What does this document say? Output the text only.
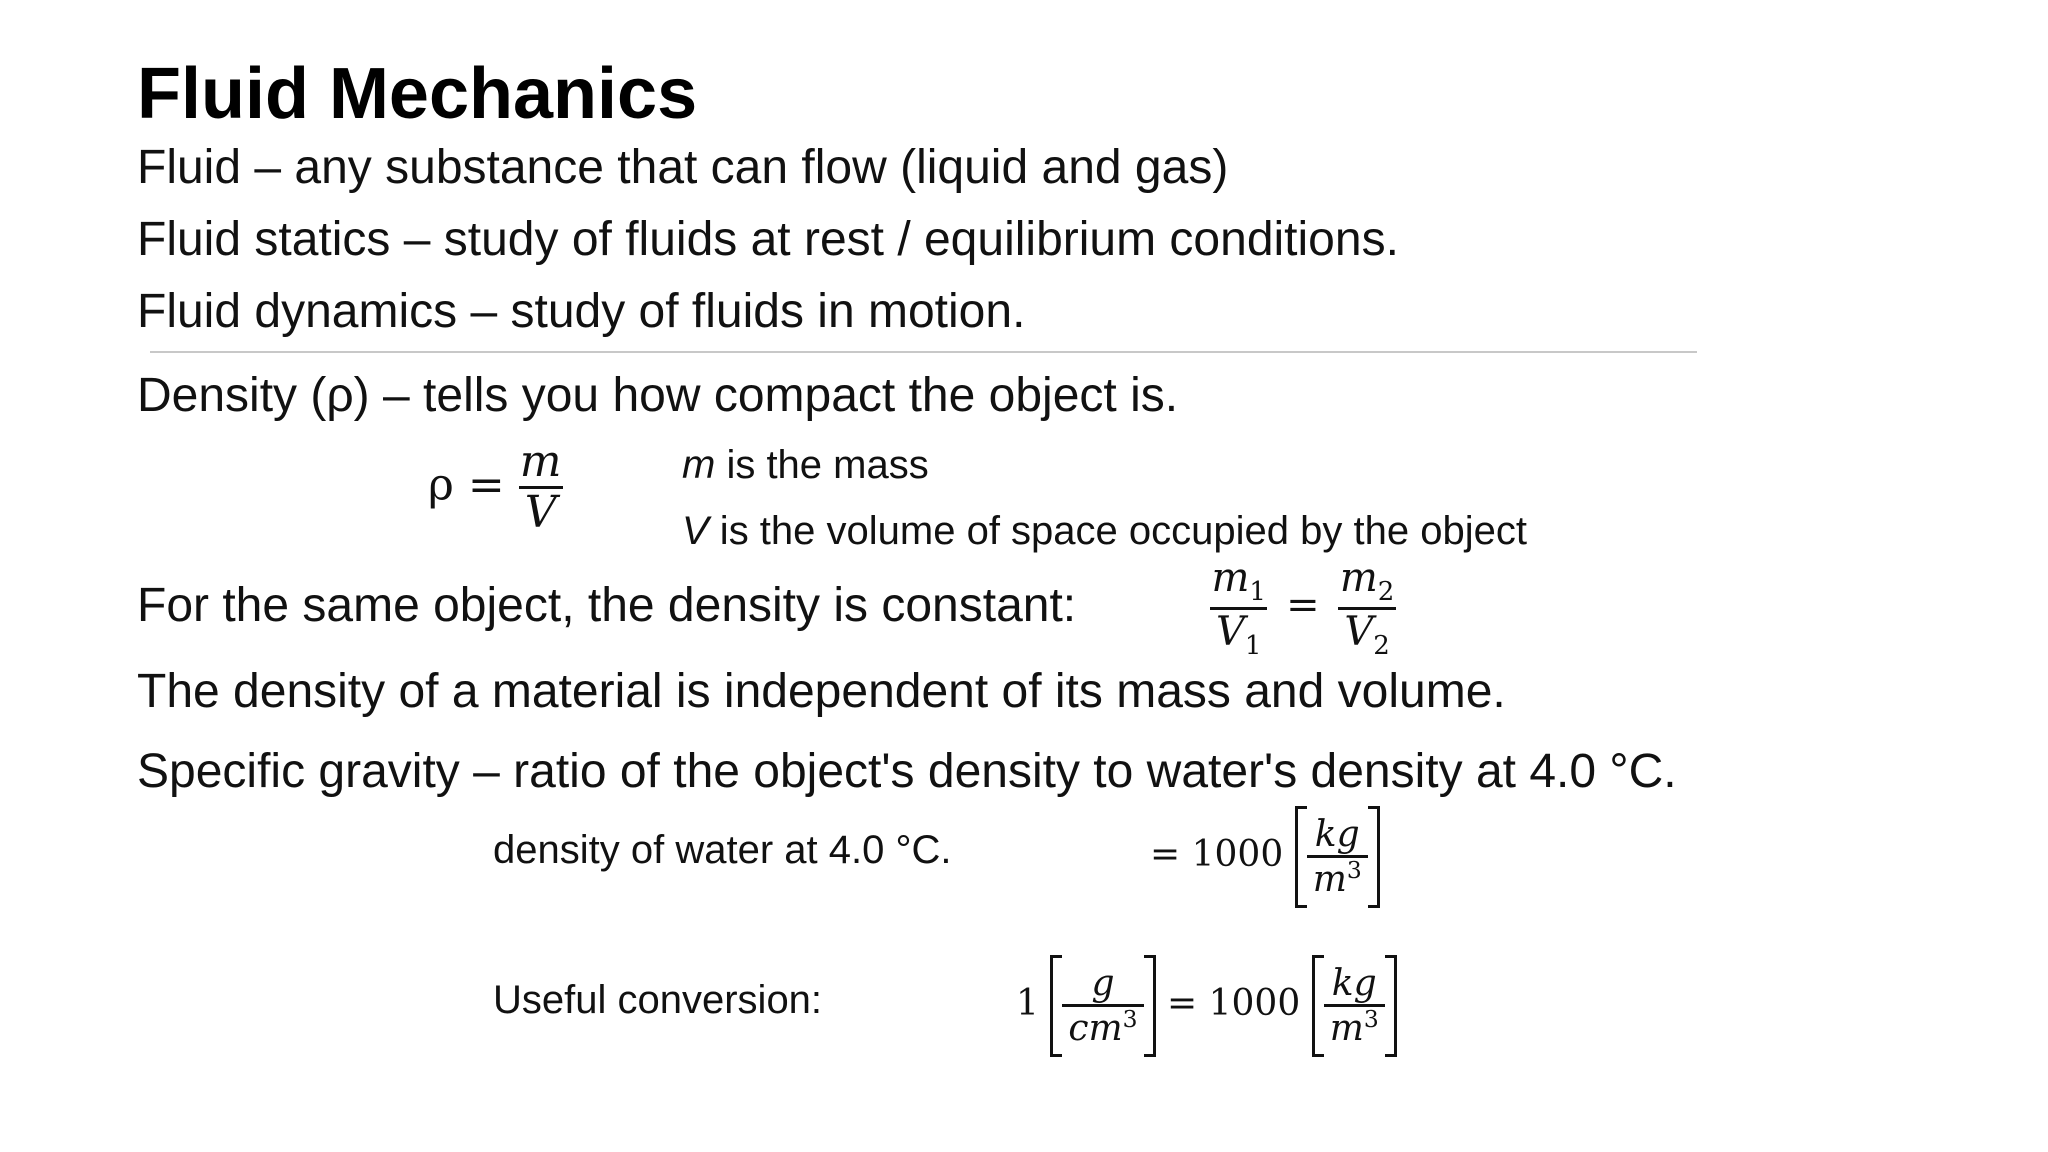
Fluid Mechanics
Fluid – any substance that can flow (liquid and gas)
Fluid statics – study of fluids at rest / equilibrium conditions.
Fluid dynamics – study of fluids in motion.
Density (ρ) – tells you how compact the object is.
$\rho = \frac{m}{V}$	m is the mass
V is the volume of space occupied by the object
For the same object, the density is constant:	$\frac{m_1}{V_1} = \frac{m_2}{V_2}$
The density of a material is independent of its mass and volume.
Specific gravity – ratio of the object's density to water's density at 4.0 °C.
density of water at 4.0 °C.	= $1000 \frac{kg}{m^3}$
Useful conversion:	$1 \frac{g}{cm^3} = 1000 \frac{kg}{m^3}$
